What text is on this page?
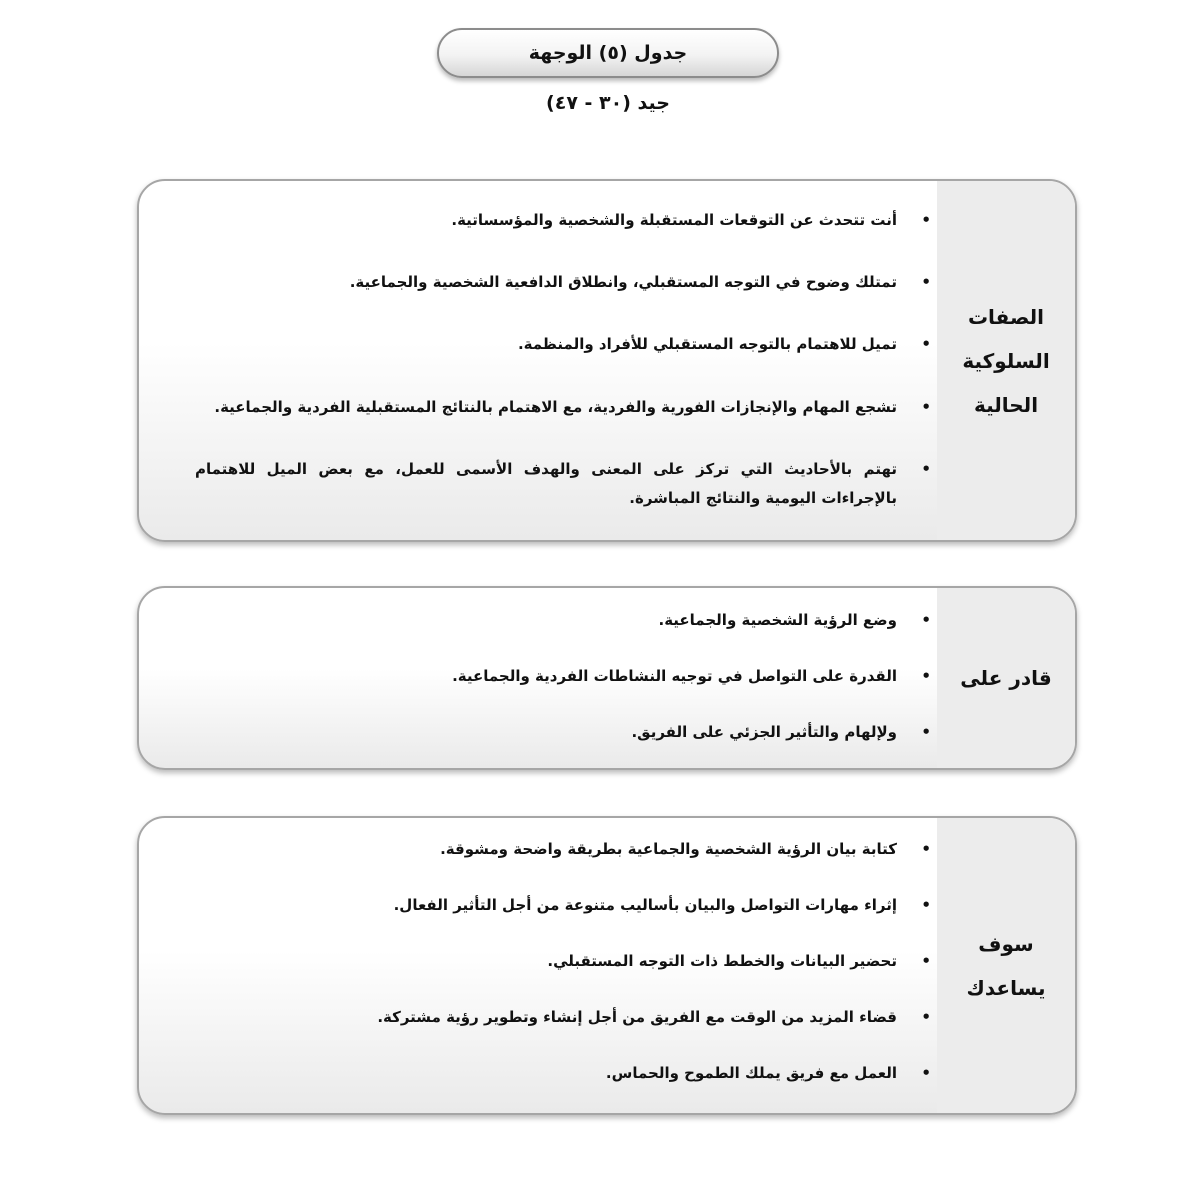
جدول (٥) الوجهة
جيد (٣٠ - ٤٧)
الصفات
السلوكية
الحالية
• أنت تتحدث عن التوقعات المستقبلة والشخصية والمؤسساتية.
• تمتلك وضوح في التوجه المستقبلي، وانطلاق الدافعية الشخصية والجماعية.
• تميل للاهتمام بالتوجه المستقبلي للأفراد والمنظمة.
• تشجع المهام والإنجازات الفورية والفردية، مع الاهتمام بالنتائج المستقبلية الفردية والجماعية.
• تهتم بالأحاديث التي تركز على المعنى والهدف الأسمى للعمل، مع بعض الميل للاهتمام بالإجراءات اليومية والنتائج المباشرة.
قادر على
• وضع الرؤية الشخصية والجماعية.
• القدرة على التواصل في توجيه النشاطات الفردية والجماعية.
• ولإلهام والتأثير الجزئي على الفريق.
سوف
يساعدك
• كتابة بيان الرؤية الشخصية والجماعية بطريقة واضحة ومشوقة.
• إثراء مهارات التواصل والبيان بأساليب متنوعة من أجل التأثير الفعال.
• تحضير البيانات والخطط ذات التوجه المستقبلي.
• قضاء المزيد من الوقت مع الفريق من أجل إنشاء وتطوير رؤية مشتركة.
• العمل مع فريق يملك الطموح والحماس.
